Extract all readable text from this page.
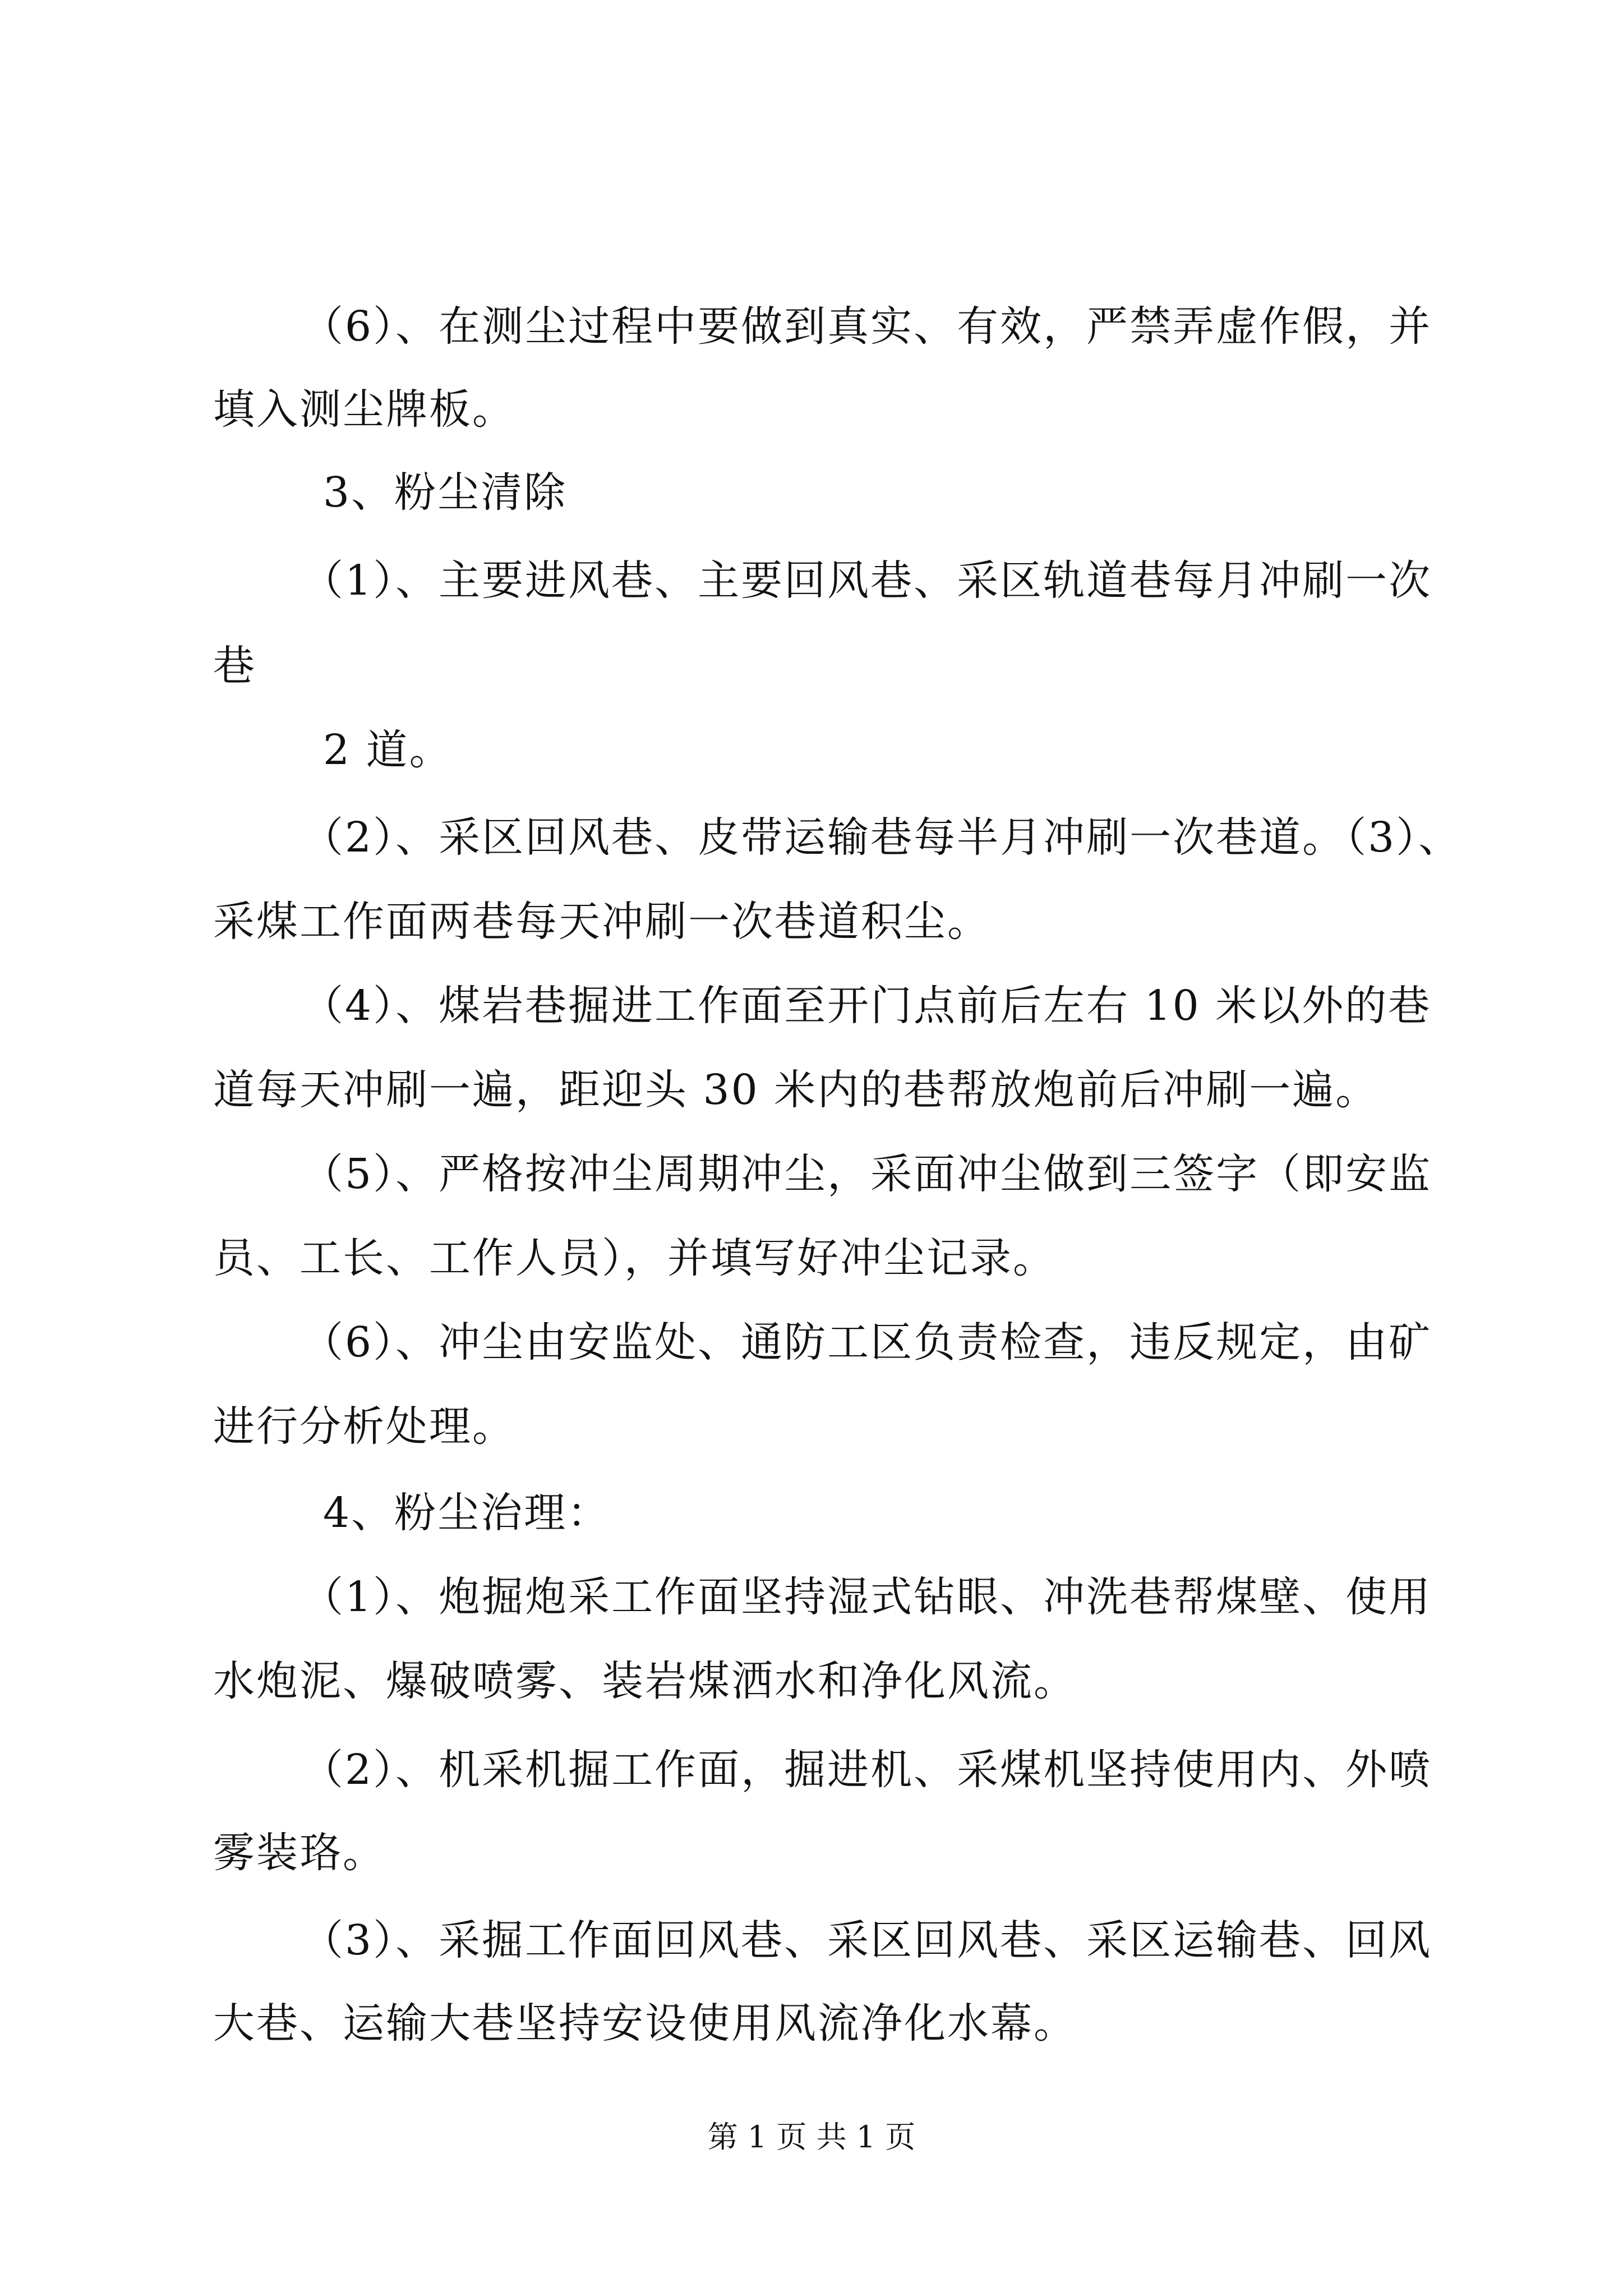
（6）、在测尘过程中要做到真实、有效，严禁弄虚作假，并
填入测尘牌板。
3、粉尘清除
（1）、主要进风巷、主要回风巷、采区轨道巷每月冲刷一次
巷
2 道。
（2）、采区回风巷、皮带运输巷每半月冲刷一次巷道。（3）、
采煤工作面两巷每天冲刷一次巷道积尘。
（4）、煤岩巷掘进工作面至开门点前后左右 10 米以外的巷
道每天冲刷一遍，距迎头 30 米内的巷帮放炮前后冲刷一遍。
（5）、严格按冲尘周期冲尘，采面冲尘做到三签字（即安监
员、工长、工作人员），并填写好冲尘记录。
（6）、冲尘由安监处、通防工区负责检查，违反规定，由矿
进行分析处理。
4、粉尘治理：
（1）、炮掘炮采工作面坚持湿式钻眼、冲洗巷帮煤壁、使用
水炮泥、爆破喷雾、装岩煤洒水和净化风流。
（2）、机采机掘工作面，掘进机、采煤机坚持使用内、外喷
雾装珞。
（3）、采掘工作面回风巷、采区回风巷、采区运输巷、回风
大巷、运输大巷坚持安设使用风流净化水幕。
第 1 页 共 1 页
